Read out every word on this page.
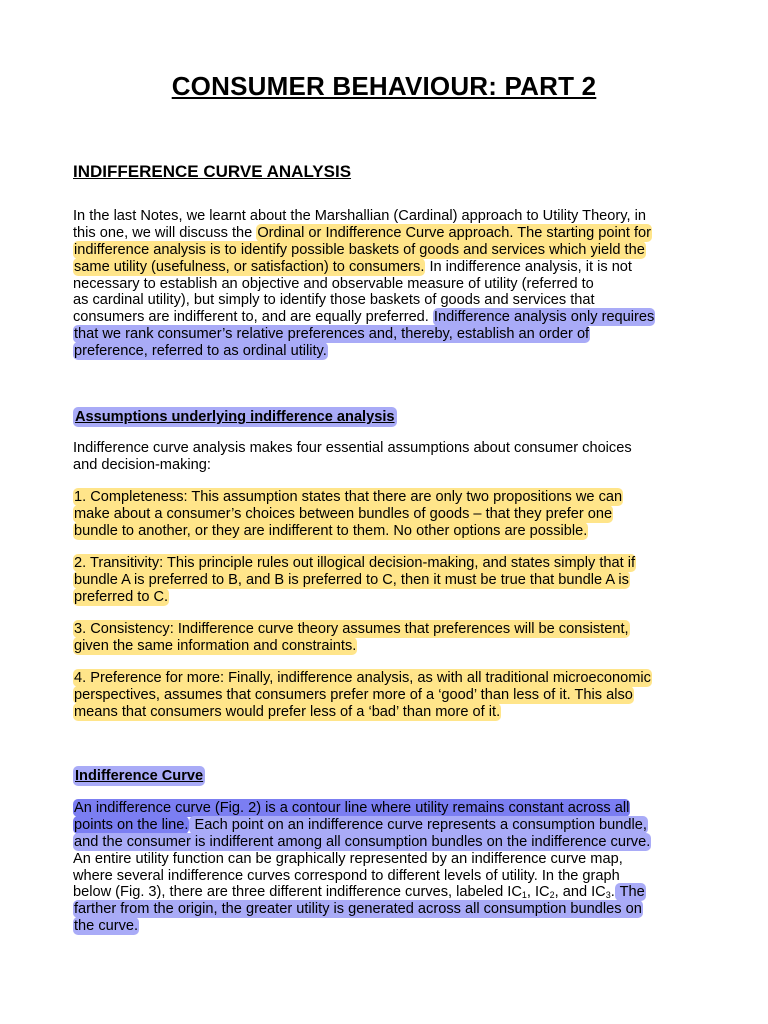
CONSUMER BEHAVIOUR: PART 2
INDIFFERENCE CURVE ANALYSIS
In the last Notes, we learnt about the Marshallian (Cardinal) approach to Utility Theory, in
this one, we will discuss the Ordinal or Indifference Curve approach. The starting point for
indifference analysis is to identify possible baskets of goods and services which yield the
same utility (usefulness, or satisfaction) to consumers. In indifference analysis, it is not
necessary to establish an objective and observable measure of utility (referred to
as cardinal utility), but simply to identify those baskets of goods and services that
consumers are indifferent to, and are equally preferred. Indifference analysis only requires
that we rank consumer’s relative preferences and, thereby, establish an order of
preference, referred to as ordinal utility.
Assumptions underlying indifference analysis
Indifference curve analysis makes four essential assumptions about consumer choices
and decision-making:
1. Completeness: This assumption states that there are only two propositions we can
make about a consumer’s choices between bundles of goods – that they prefer one
bundle to another, or they are indifferent to them. No other options are possible.
2. Transitivity: This principle rules out illogical decision-making, and states simply that if
bundle A is preferred to B, and B is preferred to C, then it must be true that bundle A is
preferred to C.
3. Consistency: Indifference curve theory assumes that preferences will be consistent,
given the same information and constraints.
4. Preference for more: Finally, indifference analysis, as with all traditional microeconomic
perspectives, assumes that consumers prefer more of a ‘good’ than less of it. This also
means that consumers would prefer less of a ‘bad’ than more of it.
Indifference Curve
An indifference curve (Fig. 2) is a contour line where utility remains constant across all
points on the line. Each point on an indifference curve represents a consumption bundle,
and the consumer is indifferent among all consumption bundles on the indifference curve.
An entire utility function can be graphically represented by an indifference curve map,
where several indifference curves correspond to different levels of utility. In the graph
below (Fig. 3), there are three different indifference curves, labeled $IC_1$, $IC_2$, and $IC_3$. The
farther from the origin, the greater utility is generated across all consumption bundles on
the curve.
